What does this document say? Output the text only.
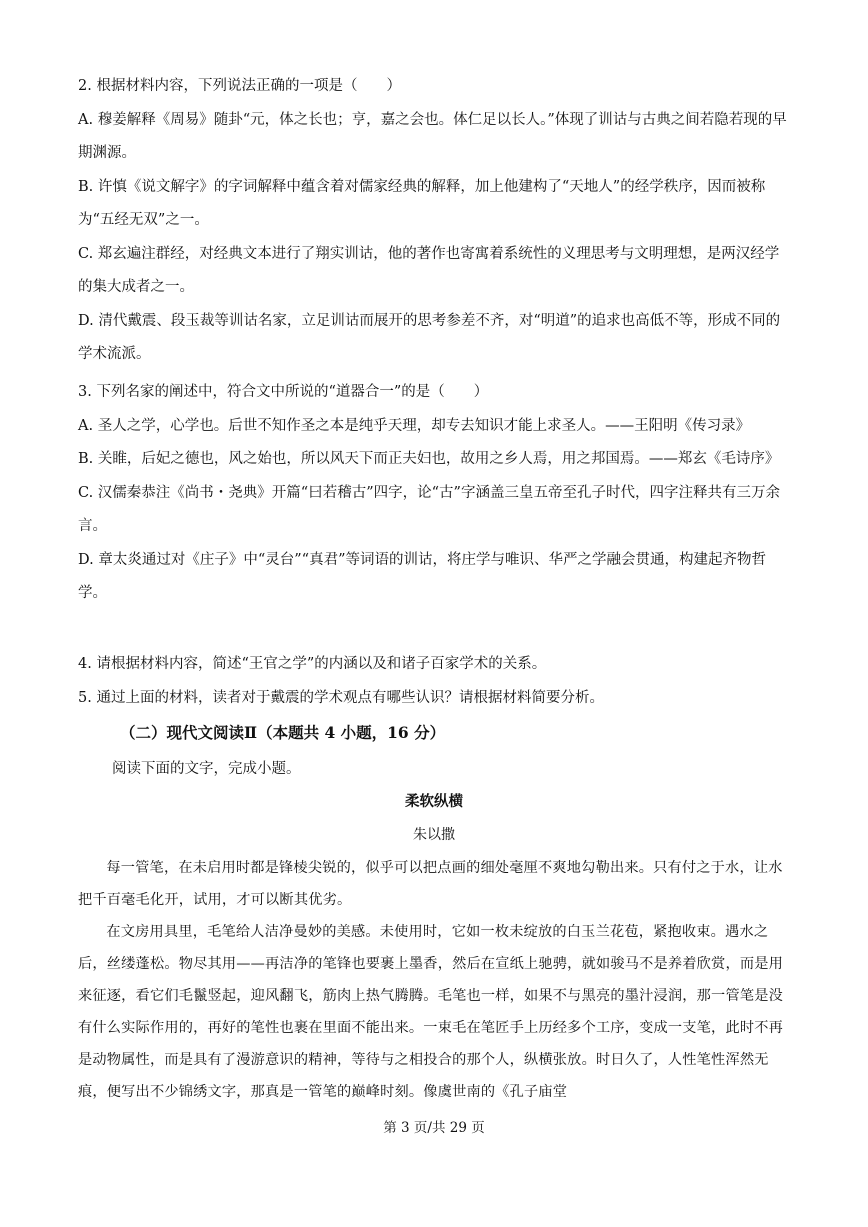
2. 根据材料内容，下列说法正确的一项是（　　）

A. 穆姜解释《周易》随卦“元，体之长也；亨，嘉之会也。体仁足以长人。”体现了训诂与古典之间若隐若现的早期渊源。

B. 许慎《说文解字》的字词解释中蕴含着对儒家经典的解释，加上他建构了“天地人”的经学秩序，因而被称为“五经无双”之一。

C. 郑玄遍注群经，对经典文本进行了翔实训诂，他的著作也寄寓着系统性的义理思考与文明理想，是两汉经学的集大成者之一。

D. 清代戴震、段玉裁等训诂名家，立足训诂而展开的思考参差不齐，对“明道”的追求也高低不等，形成不同的学术流派。

3. 下列名家的阐述中，符合文中所说的“道器合一”的是（　　）

A. 圣人之学，心学也。后世不知作圣之本是纯乎天理，却专去知识才能上求圣人。——王阳明《传习录》

B. 关睢，后妃之德也，风之始也，所以风天下而正夫妇也，故用之乡人焉，用之邦国焉。——郑玄《毛诗序》

C. 汉儒秦恭注《尚书・尧典》开篇“曰若稽古”四字，论“古”字涵盖三皇五帝至孔子时代，四字注释共有三万余言。

D. 章太炎通过对《庄子》中“灵台”“真君”等词语的训诂，将庄学与唯识、华严之学融会贯通，构建起齐物哲学。

4. 请根据材料内容，简述“王官之学”的内涵以及和诸子百家学术的关系。

5. 通过上面的材料，读者对于戴震的学术观点有哪些认识？请根据材料简要分析。

（二）现代文阅读Ⅱ（本题共 4 小题，16 分）
阅读下面的文字，完成小题。
柔软纵横
朱以撒

每一管笔，在未启用时都是锋棱尖锐的，似乎可以把点画的细处毫厘不爽地勾勒出来。只有付之于水，让水把千百毫毛化开，试用，才可以断其优劣。

在文房用具里，毛笔给人洁净曼妙的美感。未使用时，它如一枚未绽放的白玉兰花苞，紧抱收束。遇水之后，丝缕蓬松。物尽其用——再洁净的笔锋也要裹上墨香，然后在宣纸上驰骋，就如骏马不是养着欣赏，而是用来征逐，看它们毛鬣竖起，迎风翻飞，筋肉上热气腾腾。毛笔也一样，如果不与黑亮的墨汁浸润，那一管笔是没有什么实际作用的，再好的笔性也裹在里面不能出来。一束毛在笔匠手上历经多个工序，变成一支笔，此时不再是动物属性，而是具有了漫游意识的精神，等待与之相投合的那个人，纵横张放。时日久了，人性笔性浑然无痕，便写出不少锦绣文字，那真是一管笔的巅峰时刻。像虞世南的《孔子庙堂

第 3 页/共 29 页
